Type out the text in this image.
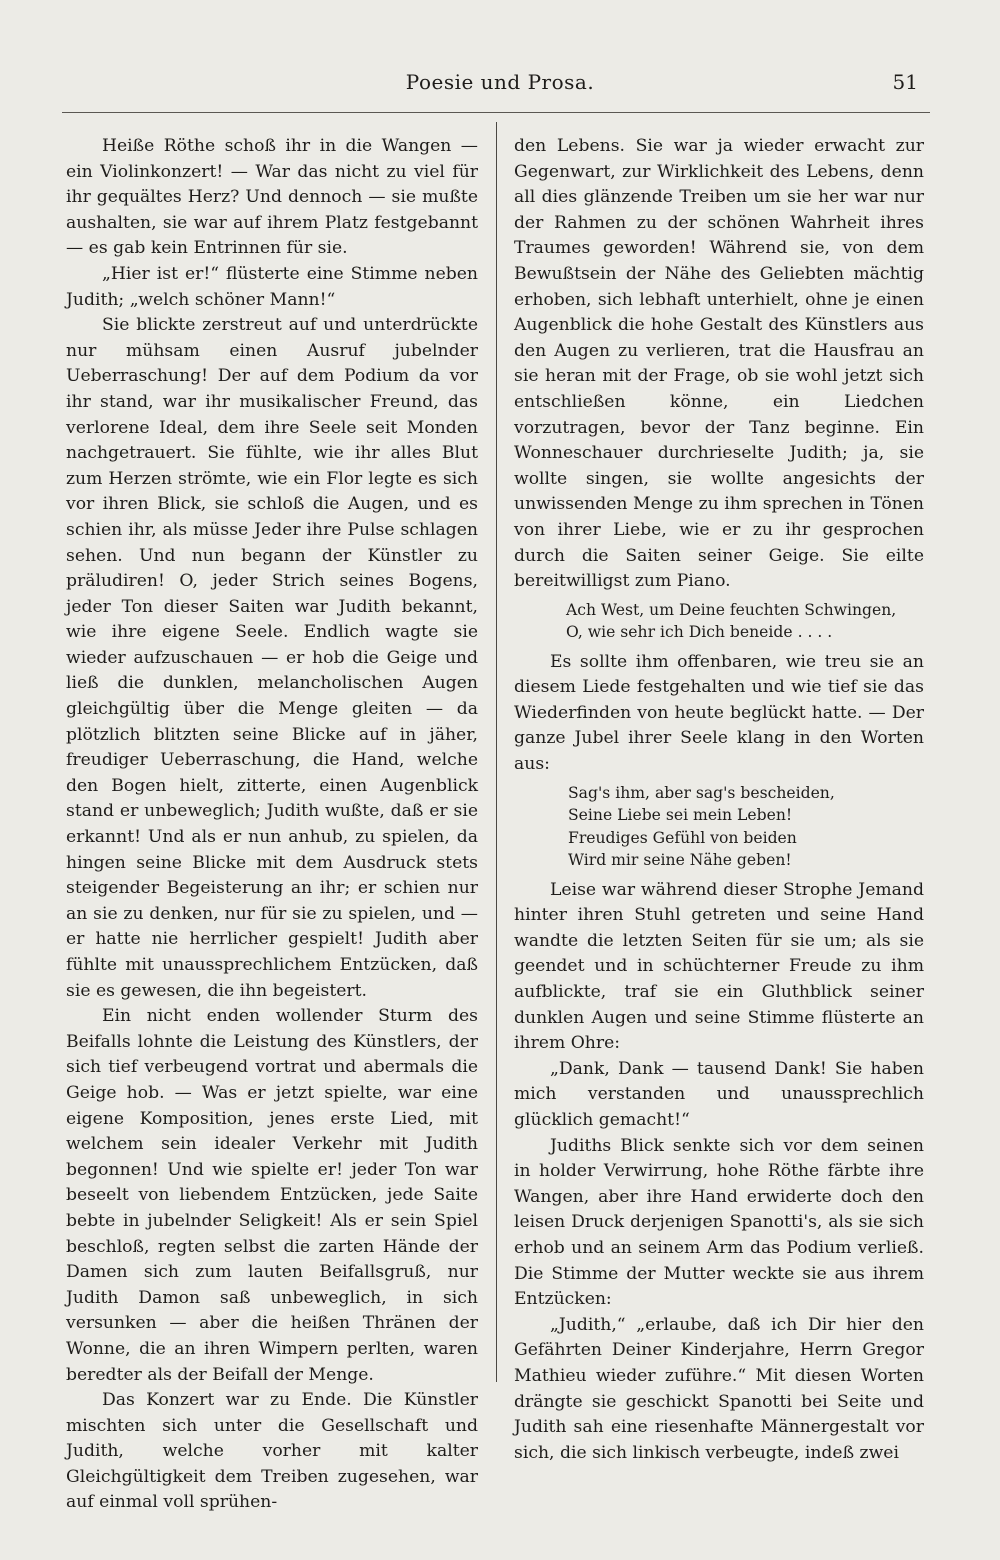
Poesie und Prosa.	51

Heiße Röthe schoß ihr in die Wangen — ein Violinkonzert! — War das nicht zu viel für ihr gequältes Herz? Und dennoch — sie mußte aushalten, sie war auf ihrem Platz festgebannt — es gab kein Entrinnen für sie.

„Hier ist er!“ flüsterte eine Stimme neben Judith; „welch schöner Mann!“

Sie blickte zerstreut auf und unterdrückte nur mühsam einen Ausruf jubelnder Ueberraschung! Der auf dem Podium da vor ihr stand, war ihr musikalischer Freund, das verlorene Ideal, dem ihre Seele seit Monden nachgetrauert. Sie fühlte, wie ihr alles Blut zum Herzen strömte, wie ein Flor legte es sich vor ihren Blick, sie schloß die Augen, und es schien ihr, als müsse Jeder ihre Pulse schlagen sehen. Und nun begann der Künstler zu präludiren! O, jeder Strich seines Bogens, jeder Ton dieser Saiten war Judith bekannt, wie ihre eigene Seele. Endlich wagte sie wieder aufzuschauen — er hob die Geige und ließ die dunklen, melancholischen Augen gleichgültig über die Menge gleiten — da plötzlich blitzten seine Blicke auf in jäher, freudiger Ueberraschung, die Hand, welche den Bogen hielt, zitterte, einen Augenblick stand er unbeweglich; Judith wußte, daß er sie erkannt! Und als er nun anhub, zu spielen, da hingen seine Blicke mit dem Ausdruck stets steigender Begeisterung an ihr; er schien nur an sie zu denken, nur für sie zu spielen, und — er hatte nie herrlicher gespielt! Judith aber fühlte mit unaussprechlichem Entzücken, daß sie es gewesen, die ihn begeistert.

Ein nicht enden wollender Sturm des Beifalls lohnte die Leistung des Künstlers, der sich tief verbeugend vortrat und abermals die Geige hob. — Was er jetzt spielte, war eine eigene Komposition, jenes erste Lied, mit welchem sein idealer Verkehr mit Judith begonnen! Und wie spielte er! jeder Ton war beseelt von liebendem Entzücken, jede Saite bebte in jubelnder Seligkeit! Als er sein Spiel beschloß, regten selbst die zarten Hände der Damen sich zum lauten Beifallsgruß, nur Judith Damon saß unbeweglich, in sich versunken — aber die heißen Thränen der Wonne, die an ihren Wimpern perlten, waren beredter als der Beifall der Menge.

Das Konzert war zu Ende. Die Künstler mischten sich unter die Gesellschaft und Judith, welche vorher mit kalter Gleichgültigkeit dem Treiben zugesehen, war auf einmal voll sprühen-

den Lebens. Sie war ja wieder erwacht zur Gegenwart, zur Wirklichkeit des Lebens, denn all dies glänzende Treiben um sie her war nur der Rahmen zu der schönen Wahrheit ihres Traumes geworden! Während sie, von dem Bewußtsein der Nähe des Geliebten mächtig erhoben, sich lebhaft unterhielt, ohne je einen Augenblick die hohe Gestalt des Künstlers aus den Augen zu verlieren, trat die Hausfrau an sie heran mit der Frage, ob sie wohl jetzt sich entschließen könne, ein Liedchen vorzutragen, bevor der Tanz beginne. Ein Wonneschauer durchrieselte Judith; ja, sie wollte singen, sie wollte angesichts der unwissenden Menge zu ihm sprechen in Tönen von ihrer Liebe, wie er zu ihr gesprochen durch die Saiten seiner Geige. Sie eilte bereitwilligst zum Piano.

Ach West, um Deine feuchten Schwingen,
O, wie sehr ich Dich beneide . . . .

Es sollte ihm offenbaren, wie treu sie an diesem Liede festgehalten und wie tief sie das Wiederfinden von heute beglückt hatte. — Der ganze Jubel ihrer Seele klang in den Worten aus:

Sag's ihm, aber sag's bescheiden,
Seine Liebe sei mein Leben!
Freudiges Gefühl von beiden
Wird mir seine Nähe geben!

Leise war während dieser Strophe Jemand hinter ihren Stuhl getreten und seine Hand wandte die letzten Seiten für sie um; als sie geendet und in schüchterner Freude zu ihm aufblickte, traf sie ein Gluthblick seiner dunklen Augen und seine Stimme flüsterte an ihrem Ohre:

„Dank, Dank — tausend Dank! Sie haben mich verstanden und unaussprechlich glücklich gemacht!“

Judiths Blick senkte sich vor dem seinen in holder Verwirrung, hohe Röthe färbte ihre Wangen, aber ihre Hand erwiderte doch den leisen Druck derjenigen Spanotti's, als sie sich erhob und an seinem Arm das Podium verließ. Die Stimme der Mutter weckte sie aus ihrem Entzücken:

„Judith,“ „erlaube, daß ich Dir hier den Gefährten Deiner Kinderjahre, Herrn Gregor Mathieu wieder zuführe.“ Mit diesen Worten drängte sie geschickt Spanotti bei Seite und Judith sah eine riesenhafte Männergestalt vor sich, die sich linkisch verbeugte, indeß zwei
